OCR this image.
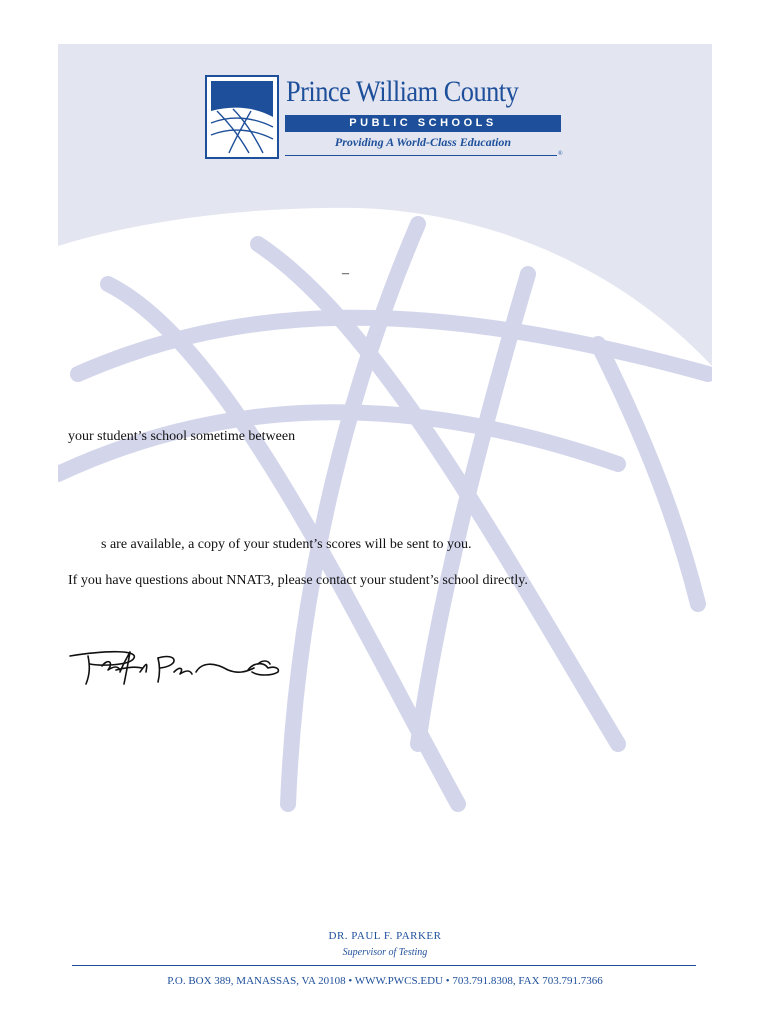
Prince William County
PUBLIC SCHOOLS
Providing A World-Class Education
®
–
your student’s school sometime between
s are available, a copy of your student’s scores will be sent to you.
If you have questions about NNAT3, please contact your student’s school directly.
DR. PAUL F. PARKER
Supervisor of Testing
P.O. BOX 389, MANASSAS, VA 20108 • WWW.PWCS.EDU • 703.791.8308, FAX 703.791.7366
